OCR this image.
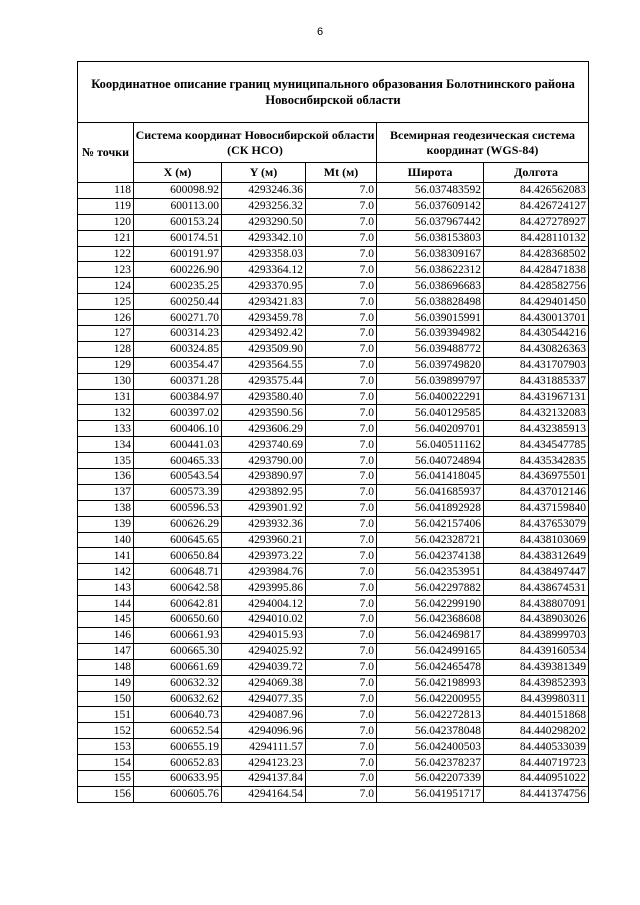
6
Координатное описание границ муниципального образования Болотнинского района Новосибирской области					
№ точки	Система координат Новосибирской области (СК НСО)			Всемирная геодезическая система координат (WGS-84)	
	X (м)	Y (м)	Mt (м)	Широта	Долгота
118	600098.92	4293246.36	7.0	56.037483592	84.426562083
119	600113.00	4293256.32	7.0	56.037609142	84.426724127
120	600153.24	4293290.50	7.0	56.037967442	84.427278927
121	600174.51	4293342.10	7.0	56.038153803	84.428110132
122	600191.97	4293358.03	7.0	56.038309167	84.428368502
123	600226.90	4293364.12	7.0	56.038622312	84.428471838
124	600235.25	4293370.95	7.0	56.038696683	84.428582756
125	600250.44	4293421.83	7.0	56.038828498	84.429401450
126	600271.70	4293459.78	7.0	56.039015991	84.430013701
127	600314.23	4293492.42	7.0	56.039394982	84.430544216
128	600324.85	4293509.90	7.0	56.039488772	84.430826363
129	600354.47	4293564.55	7.0	56.039749820	84.431707903
130	600371.28	4293575.44	7.0	56.039899797	84.431885337
131	600384.97	4293580.40	7.0	56.040022291	84.431967131
132	600397.02	4293590.56	7.0	56.040129585	84.432132083
133	600406.10	4293606.29	7.0	56.040209701	84.432385913
134	600441.03	4293740.69	7.0	56.040511162	84.434547785
135	600465.33	4293790.00	7.0	56.040724894	84.435342835
136	600543.54	4293890.97	7.0	56.041418045	84.436975501
137	600573.39	4293892.95	7.0	56.041685937	84.437012146
138	600596.53	4293901.92	7.0	56.041892928	84.437159840
139	600626.29	4293932.36	7.0	56.042157406	84.437653079
140	600645.65	4293960.21	7.0	56.042328721	84.438103069
141	600650.84	4293973.22	7.0	56.042374138	84.438312649
142	600648.71	4293984.76	7.0	56.042353951	84.438497447
143	600642.58	4293995.86	7.0	56.042297882	84.438674531
144	600642.81	4294004.12	7.0	56.042299190	84.438807091
145	600650.60	4294010.02	7.0	56.042368608	84.438903026
146	600661.93	4294015.93	7.0	56.042469817	84.438999703
147	600665.30	4294025.92	7.0	56.042499165	84.439160534
148	600661.69	4294039.72	7.0	56.042465478	84.439381349
149	600632.32	4294069.38	7.0	56.042198993	84.439852393
150	600632.62	4294077.35	7.0	56.042200955	84.439980311
151	600640.73	4294087.96	7.0	56.042272813	84.440151868
152	600652.54	4294096.96	7.0	56.042378048	84.440298202
153	600655.19	4294111.57	7.0	56.042400503	84.440533039
154	600652.83	4294123.23	7.0	56.042378237	84.440719723
155	600633.95	4294137.84	7.0	56.042207339	84.440951022
156	600605.76	4294164.54	7.0	56.041951717	84.441374756
